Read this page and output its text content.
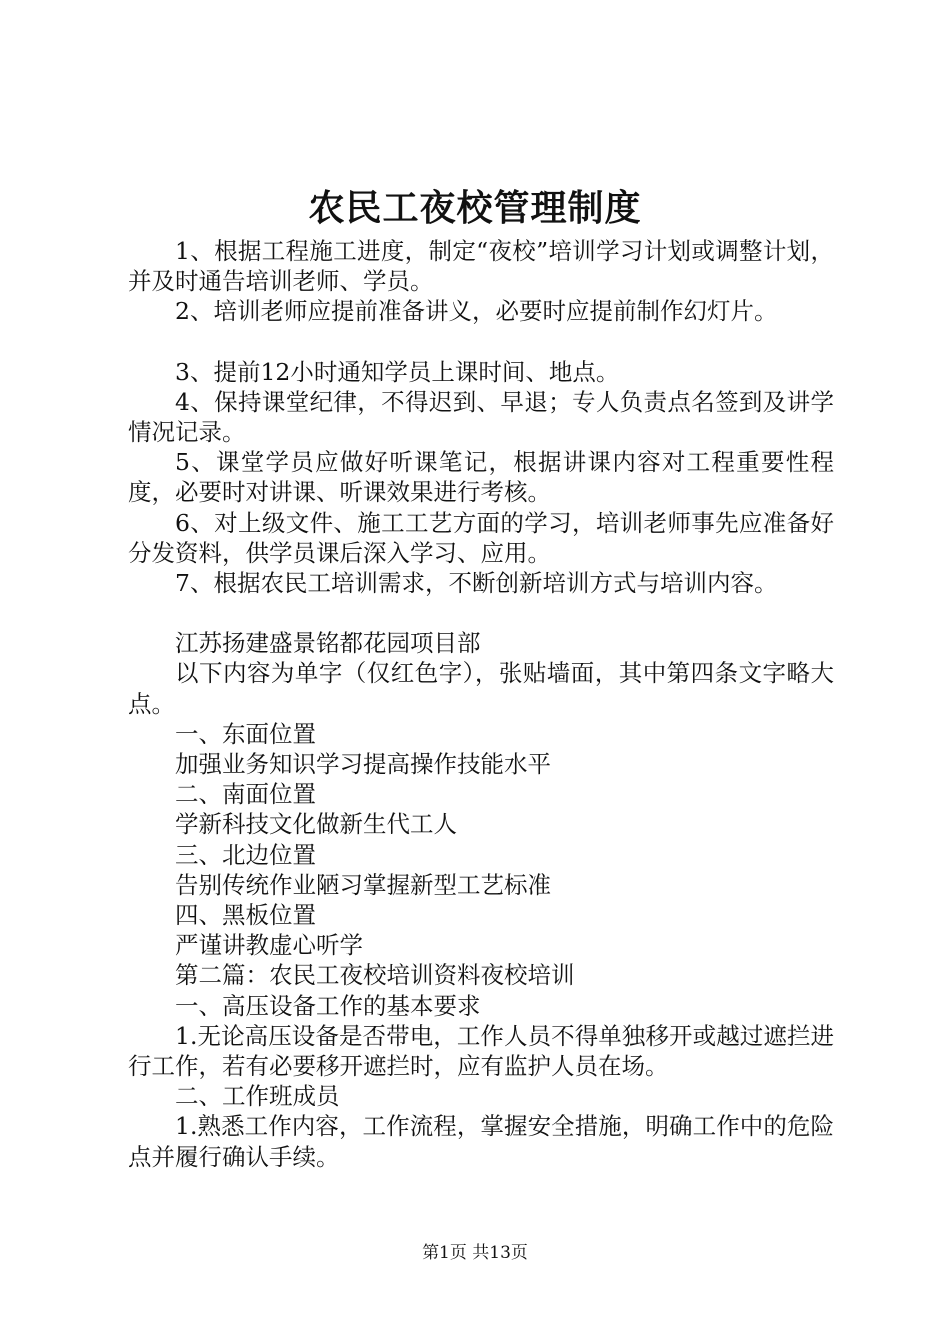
农民工夜校管理制度

1、根据工程施工进度，制定“夜校”培训学习计划或调整计划，并及时通告培训老师、学员。

2、培训老师应提前准备讲义，必要时应提前制作幻灯片。

3、提前12小时通知学员上课时间、地点。

4、保持课堂纪律，不得迟到、早退；专人负责点名签到及讲学情况记录。

5、课堂学员应做好听课笔记，根据讲课内容对工程重要性程度，必要时对讲课、听课效果进行考核。

6、对上级文件、施工工艺方面的学习，培训老师事先应准备好分发资料，供学员课后深入学习、应用。

7、根据农民工培训需求，不断创新培训方式与培训内容。

江苏扬建盛景铭都花园项目部

以下内容为单字（仅红色字），张贴墙面，其中第四条文字略大点。

一、东面位置

加强业务知识学习提高操作技能水平

二、南面位置

学新科技文化做新生代工人

三、北边位置

告别传统作业陋习掌握新型工艺标准

四、黑板位置

严谨讲教虚心听学

第二篇：农民工夜校培训资料夜校培训

一、高压设备工作的基本要求

1.无论高压设备是否带电，工作人员不得单独移开或越过遮拦进行工作，若有必要移开遮拦时，应有监护人员在场。

二、工作班成员

1.熟悉工作内容，工作流程，掌握安全措施，明确工作中的危险点并履行确认手续。

第1页 共13页
